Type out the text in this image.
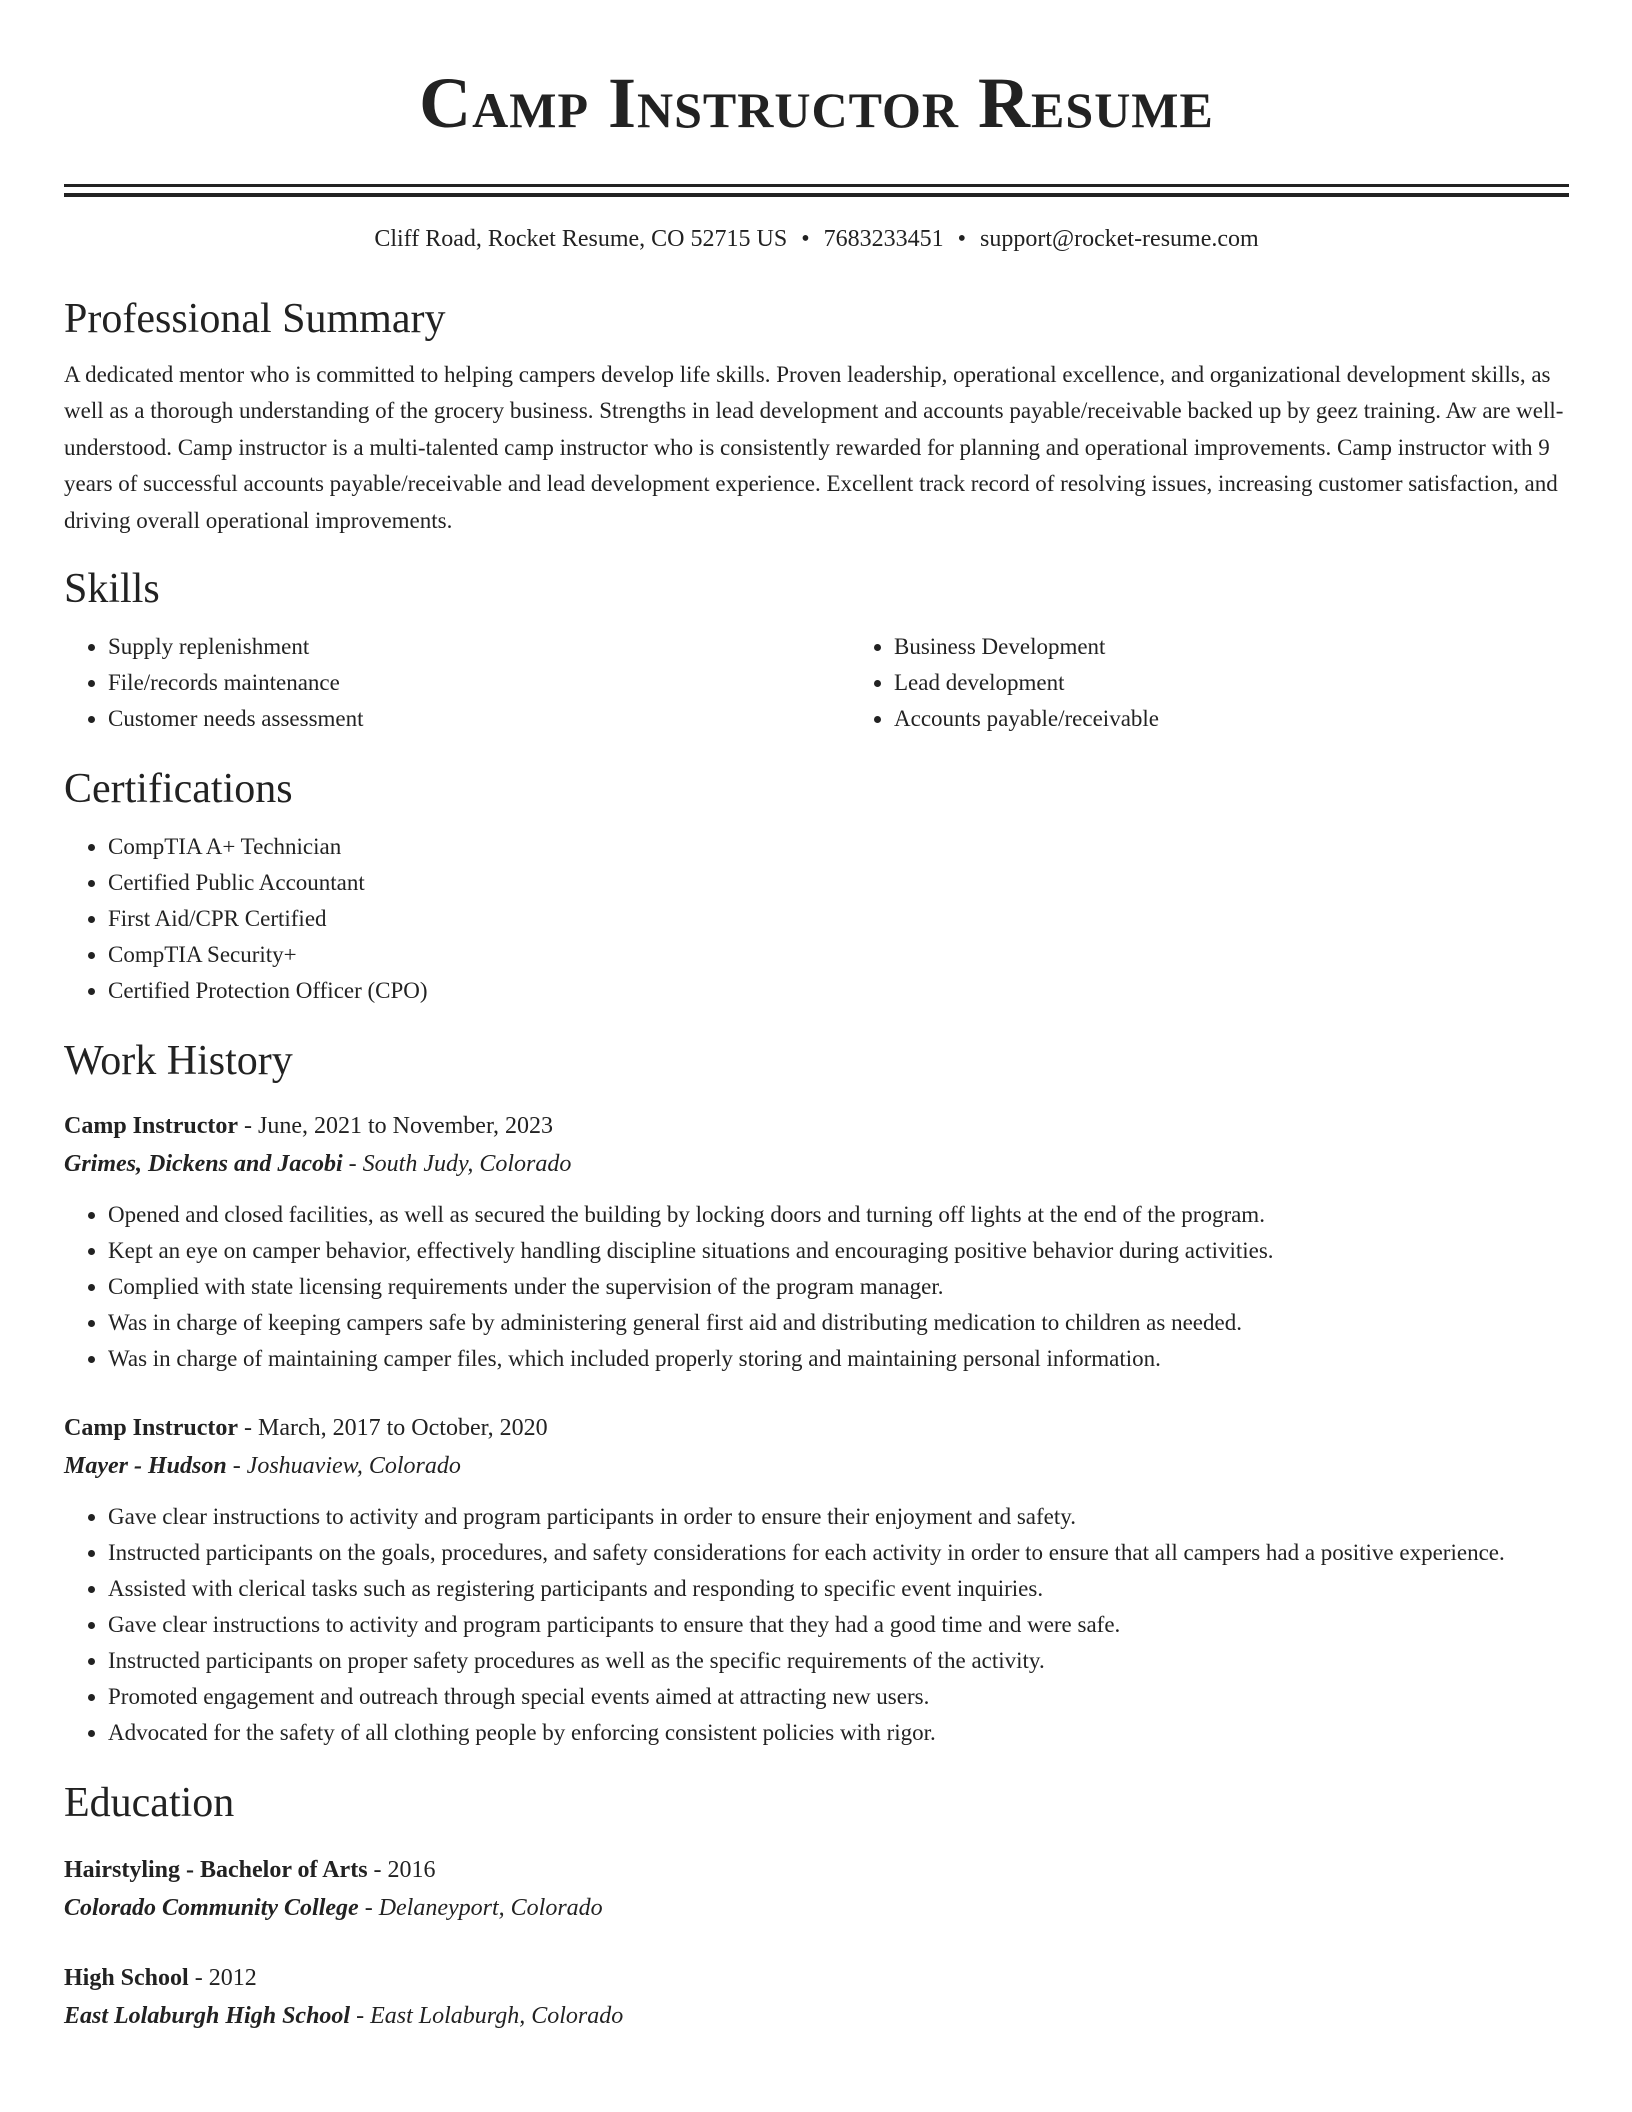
Camp Instructor Resume
Cliff Road, Rocket Resume, CO 52715 US • 7683233451 • support@rocket-resume.com
Professional Summary

A dedicated mentor who is committed to helping campers develop life skills. Proven leadership, operational excellence, and organizational development skills, as well as a thorough understanding of the grocery business. Strengths in lead development and accounts payable/receivable backed up by geez training. Aw are well-understood. Camp instructor is a multi-talented camp instructor who is consistently rewarded for planning and operational improvements. Camp instructor with 9 years of successful accounts payable/receivable and lead development experience. Excellent track record of resolving issues, increasing customer satisfaction, and driving overall operational improvements.

Skills
• Supply replenishment
• File/records maintenance
• Customer needs assessment
• Business Development
• Lead development
• Accounts payable/receivable
Certifications
• CompTIA A+ Technician
• Certified Public Accountant
• First Aid/CPR Certified
• CompTIA Security+
• Certified Protection Officer (CPO)
Work History
Camp Instructor - June, 2021 to November, 2023
Grimes, Dickens and Jacobi - South Judy, Colorado
• Opened and closed facilities, as well as secured the building by locking doors and turning off lights at the end of the program.
• Kept an eye on camper behavior, effectively handling discipline situations and encouraging positive behavior during activities.
• Complied with state licensing requirements under the supervision of the program manager.
• Was in charge of keeping campers safe by administering general first aid and distributing medication to children as needed.
• Was in charge of maintaining camper files, which included properly storing and maintaining personal information.
Camp Instructor - March, 2017 to October, 2020
Mayer - Hudson - Joshuaview, Colorado
• Gave clear instructions to activity and program participants in order to ensure their enjoyment and safety.
• Instructed participants on the goals, procedures, and safety considerations for each activity in order to ensure that all campers had a positive experience.
• Assisted with clerical tasks such as registering participants and responding to specific event inquiries.
• Gave clear instructions to activity and program participants to ensure that they had a good time and were safe.
• Instructed participants on proper safety procedures as well as the specific requirements of the activity.
• Promoted engagement and outreach through special events aimed at attracting new users.
• Advocated for the safety of all clothing people by enforcing consistent policies with rigor.
Education
Hairstyling - Bachelor of Arts - 2016
Colorado Community College - Delaneyport, Colorado
High School - 2012
East Lolaburgh High School - East Lolaburgh, Colorado
